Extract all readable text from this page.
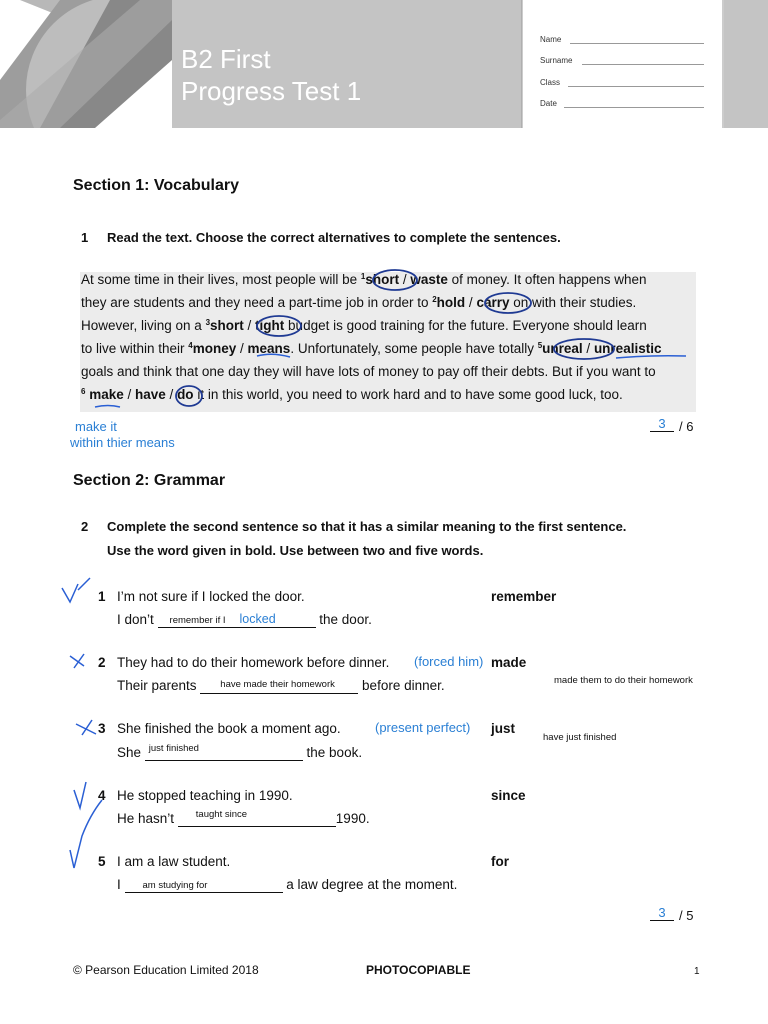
B2 First
Progress Test 1
Name
Surname
Class
Date
Section 1: Vocabulary
1 Read the text. Choose the correct alternatives to complete the sentences.
At some time in their lives, most people will be $^1$short / waste of money. It often happens when
they are students and they need a part-time job in order to $^2$hold / carry on with their studies.
However, living on a $^3$short / tight budget is good training for the future. Everyone should learn
to live within their $^4$money / means. Unfortunately, some people have totally $^5$unreal / unrealistic
goals and think that one day they will have lots of money to pay off their debts. But if you want to
$^6$ make / have / do it in this world, you need to work hard and to have some good luck, too.
make it
within thier means
3	/ 6
Section 2: Grammar
2 Complete the second sentence so that it has a similar meaning to the first sentence.
Use the word given in bold. Use between two and five words.
1 I’m not sure if I locked the door.	remember
I don’t remember if I locked	the door.
2 They had to do their homework before dinner. (forced him) made
made them to do their homework
Their parents have made their homework before dinner.
3 She finished the book a moment ago.	(present perfect) just
have just finished
She just finished	the book.
4 He stopped teaching in 1990.	since
He hasn’t taught since	1990.
5 I am a law student.	for
I am studying for	a law degree at the moment.
3	/ 5
© Pearson Education Limited 2018	PHOTOCOPIABLE	1
